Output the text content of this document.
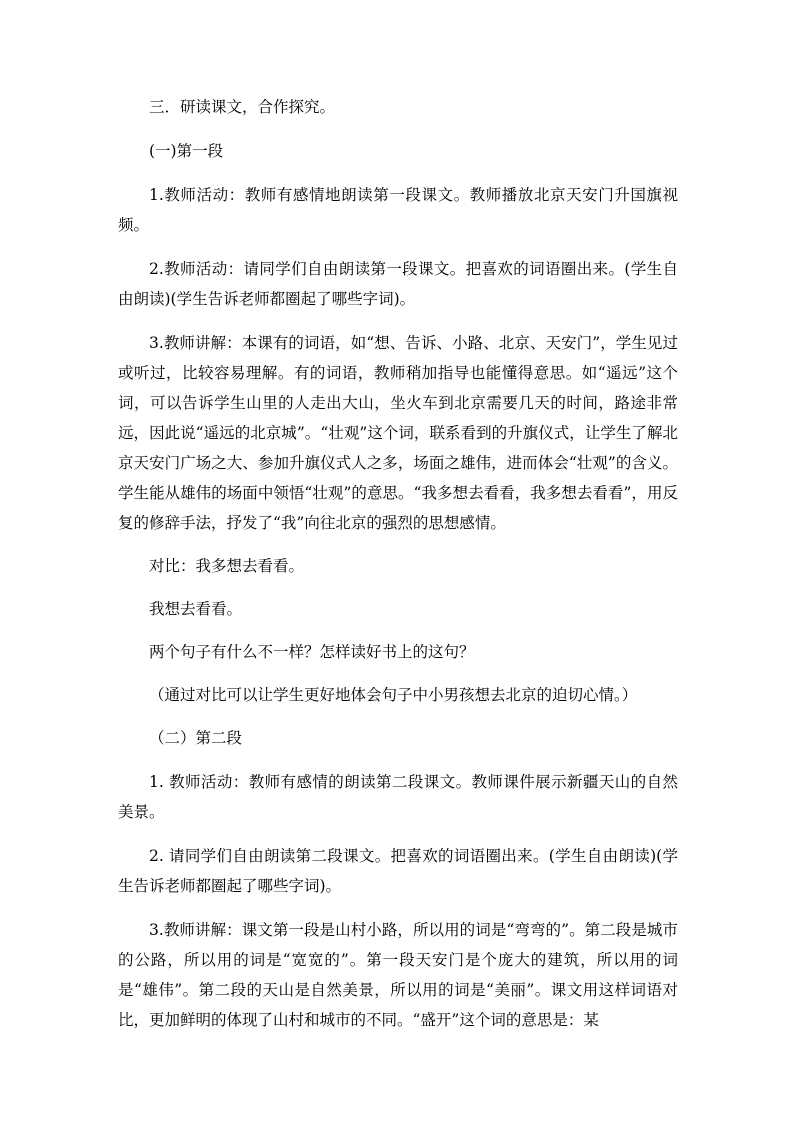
三．研读课文，合作探究。

(一)第一段

1.教师活动：教师有感情地朗读第一段课文。教师播放北京天安门升国旗视频。

2.教师活动：请同学们自由朗读第一段课文。把喜欢的词语圈出来。(学生自由朗读)(学生告诉老师都圈起了哪些字词)。

3.教师讲解：本课有的词语，如“想、告诉、小路、北京、天安门”，学生见过或听过，比较容易理解。有的词语，教师稍加指导也能懂得意思。如“遥远”这个词，可以告诉学生山里的人走出大山，坐火车到北京需要几天的时间，路途非常远，因此说“遥远的北京城”。“壮观”这个词，联系看到的升旗仪式，让学生了解北京天安门广场之大、参加升旗仪式人之多，场面之雄伟，进而体会“壮观”的含义。学生能从雄伟的场面中领悟“壮观”的意思。“我多想去看看，我多想去看看”，用反复的修辞手法，抒发了“我”向往北京的强烈的思想感情。

对比：我多想去看看。

我想去看看。

两个句子有什么不一样？怎样读好书上的这句？

（通过对比可以让学生更好地体会句子中小男孩想去北京的迫切心情。）

（二）第二段

1. 教师活动：教师有感情的朗读第二段课文。教师课件展示新疆天山的自然美景。

2. 请同学们自由朗读第二段课文。把喜欢的词语圈出来。(学生自由朗读)(学生告诉老师都圈起了哪些字词)。

3.教师讲解：课文第一段是山村小路，所以用的词是“弯弯的”。第二段是城市的公路，所以用的词是“宽宽的”。第一段天安门是个庞大的建筑，所以用的词是“雄伟”。第二段的天山是自然美景，所以用的词是“美丽”。课文用这样词语对比，更加鲜明的体现了山村和城市的不同。“盛开”这个词的意思是：某
